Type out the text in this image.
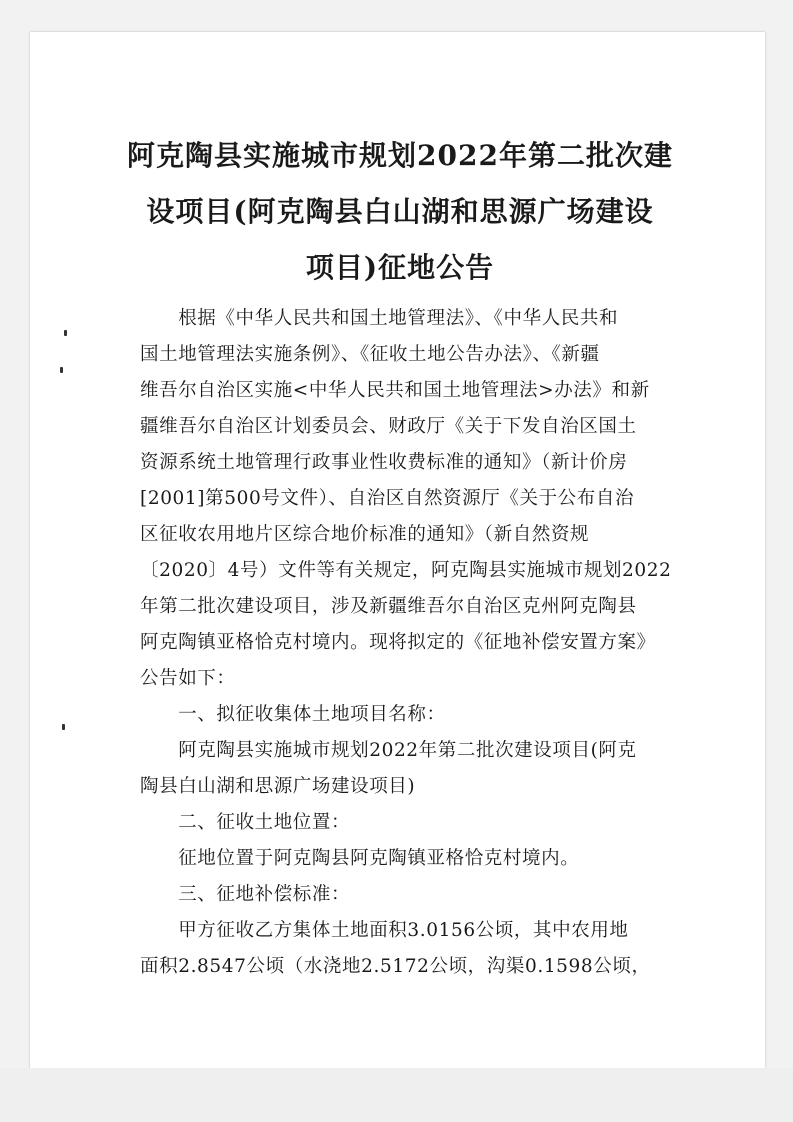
阿克陶县实施城市规划2022年第二批次建
设项目(阿克陶县白山湖和思源广场建设
项目)征地公告
　　根据《中华人民共和国土地管理法》、《中华人民共和
国土地管理法实施条例》、《征收土地公告办法》、《新疆
维吾尔自治区实施<中华人民共和国土地管理法>办法》和新
疆维吾尔自治区计划委员会、财政厅《关于下发自治区国土
资源系统土地管理行政事业性收费标准的通知》（新计价房
[2001]第500号文件）、自治区自然资源厅《关于公布自治
区征收农用地片区综合地价标准的通知》（新自然资规
〔2020〕4号）文件等有关规定，阿克陶县实施城市规划2022
年第二批次建设项目，涉及新疆维吾尔自治区克州阿克陶县
阿克陶镇亚格恰克村境内。现将拟定的《征地补偿安置方案》
公告如下：
　　一、拟征收集体土地项目名称：
　　阿克陶县实施城市规划2022年第二批次建设项目(阿克
陶县白山湖和思源广场建设项目)
　　二、征收土地位置：
　　征地位置于阿克陶县阿克陶镇亚格恰克村境内。
　　三、征地补偿标准：
　　甲方征收乙方集体土地面积3.0156公顷，其中农用地
面积2.8547公顷（水浇地2.5172公顷，沟渠0.1598公顷，
